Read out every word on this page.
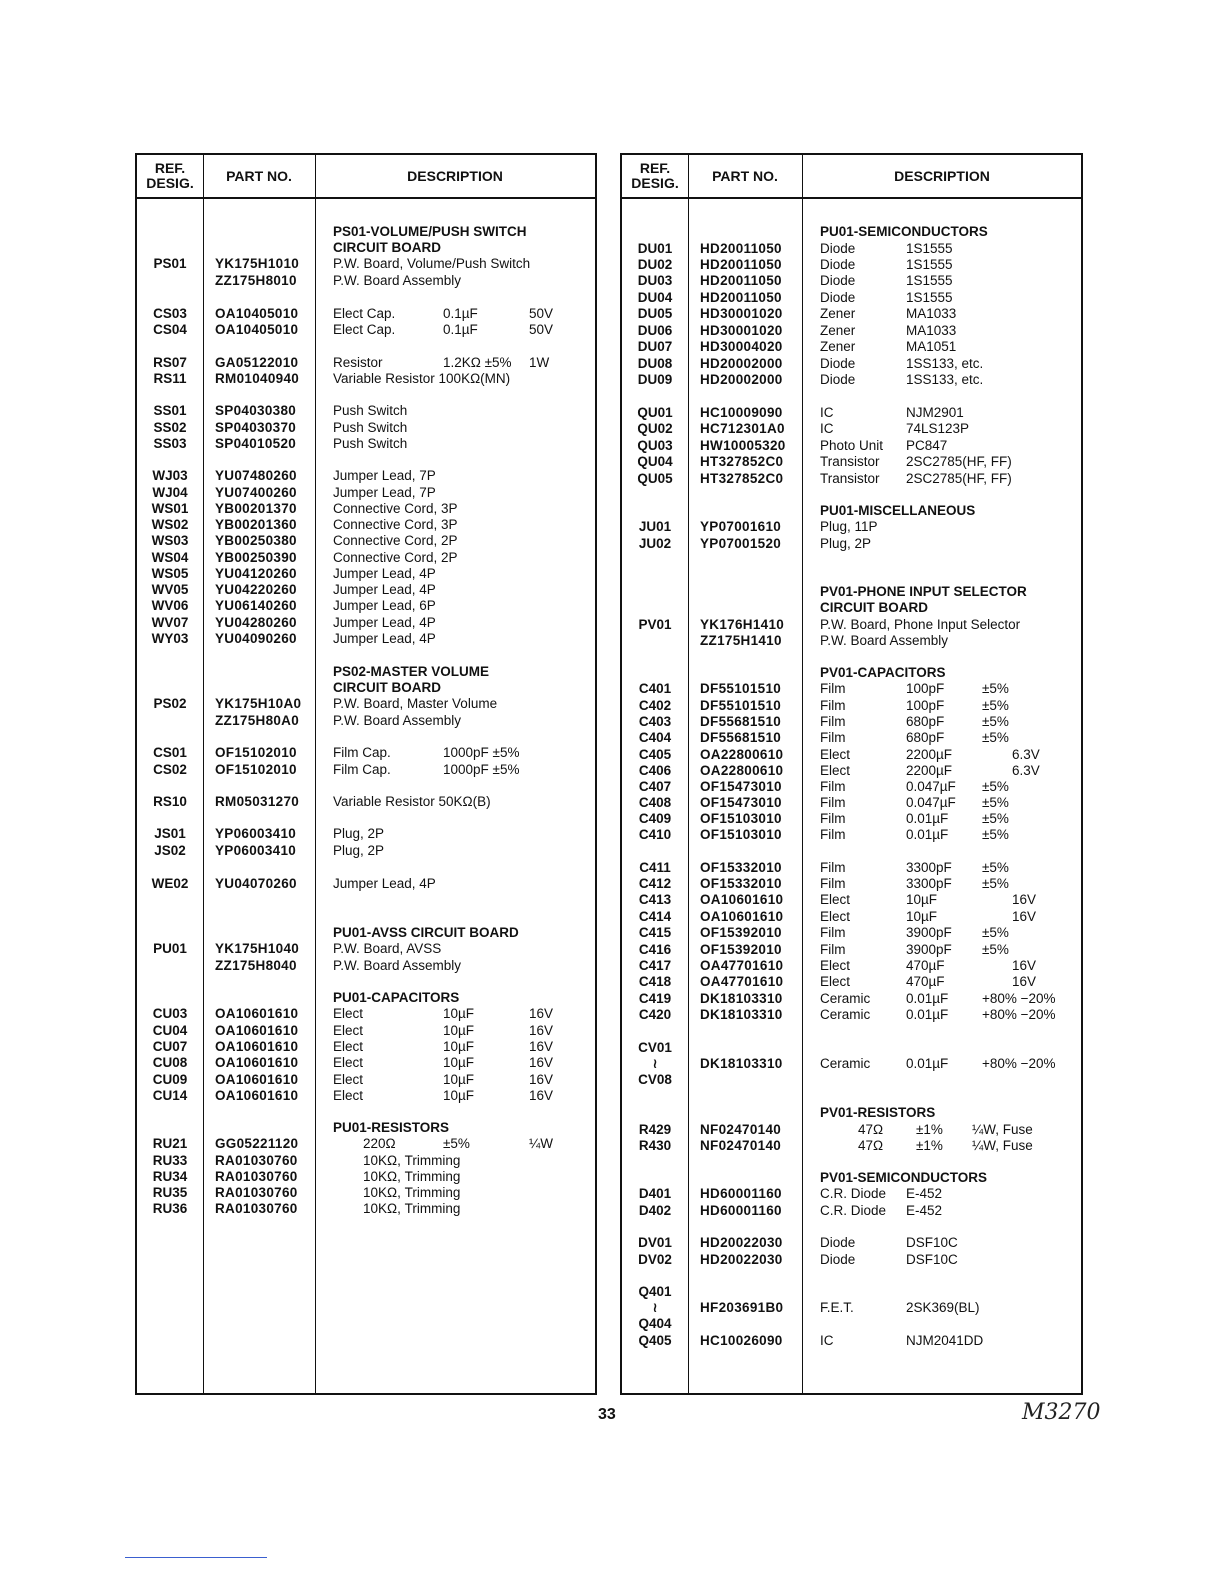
REF.
DESIG.	PART NO.	DESCRIPTION
PS01-VOLUME/PUSH SWITCH
CIRCUIT BOARD
PS01	YK175H1010	P.W. Board, Volume/Push Switch
ZZ175H8010	P.W. Board Assembly
CS03	OA10405010	Elect Cap.	0.1µF	50V
CS04	OA10405010	Elect Cap.	0.1µF	50V
RS07	GA05122010	Resistor	1.2KΩ ±5% 1W
RS11	RM01040940	Variable Resistor 100KΩ(MN)
SS01	SP04030380	Push Switch
SS02	SP04030370	Push Switch
SS03	SP04010520	Push Switch
WJ03	YU07480260	Jumper Lead, 7P
WJ04	YU07400260	Jumper Lead, 7P
WS01	YB00201370	Connective Cord, 3P
WS02	YB00201360	Connective Cord, 3P
WS03	YB00250380	Connective Cord, 2P
WS04	YB00250390	Connective Cord, 2P
WS05	YU04120260	Jumper Lead, 4P
WV05	YU04220260	Jumper Lead, 4P
WV06	YU06140260	Jumper Lead, 6P
WV07	YU04280260	Jumper Lead, 4P
WY03	YU04090260	Jumper Lead, 4P
PS02-MASTER VOLUME
CIRCUIT BOARD
PS02	YK175H10A0 P.W. Board, Master Volume
ZZ175H80A0	P.W. Board Assembly
CS01	OF15102010	Film Cap.	1000pF ±5%
CS02	OF15102010	Film Cap.	1000pF ±5%
RS10	RM05031270	Variable Resistor 50KΩ(B)
JS01	YP06003410	Plug, 2P
JS02	YP06003410	Plug, 2P
WE02	YU04070260	Jumper Lead, 4P
PU01-AVSS CIRCUIT BOARD
PU01	YK175H1040	P.W. Board, AVSS
ZZ175H8040	P.W. Board Assembly
PU01-CAPACITORS
CU03	OA10601610	Elect	10µF	16V
CU04	OA10601610	Elect	10µF	16V
CU07	OA10601610	Elect	10µF	16V
CU08	OA10601610	Elect	10µF	16V
CU09	OA10601610	Elect	10µF	16V
CU14	OA10601610	Elect	10µF	16V
PU01-RESISTORS
RU21	GG05221120	220Ω	±5%	¼W
RU33	RA01030760	10KΩ, Trimming
RU34	RA01030760	10KΩ, Trimming
RU35	RA01030760	10KΩ, Trimming
RU36	RA01030760	10KΩ, Trimming
REF.
DESIG.	PART NO.	DESCRIPTION
PU01-SEMICONDUCTORS
DU01	HD20011050	Diode	1S1555
DU02	HD20011050	Diode	1S1555
DU03	HD20011050	Diode	1S1555
DU04	HD20011050	Diode	1S1555
DU05	HD30001020	Zener	MA1033
DU06	HD30001020	Zener	MA1033
DU07	HD30004020	Zener	MA1051
DU08	HD20002000	Diode	1SS133, etc.
DU09	HD20002000	Diode	1SS133, etc.
QU01	HC10009090	IC	NJM2901
QU02	HC712301A0	IC	74LS123P
QU03	HW10005320	Photo Unit PC847
QU04	HT327852C0	Transistor 2SC2785(HF, FF)
QU05	HT327852C0	Transistor 2SC2785(HF, FF)
PU01-MISCELLANEOUS
JU01	YP07001610	Plug, 11P
JU02	YP07001520	Plug, 2P
PV01-PHONE INPUT SELECTOR
CIRCUIT BOARD
PV01	YK176H1410	P.W. Board, Phone Input Selector
ZZ175H1410	P.W. Board Assembly
PV01-CAPACITORS
C401	DF55101510	Film	100pF	±5%
C402	DF55101510	Film	100pF	±5%
C403	DF55681510	Film	680pF	±5%
C404	DF55681510	Film	680pF	±5%
C405	OA22800610	Elect	2200µF	6.3V
C406	OA22800610	Elect	2200µF	6.3V
C407	OF15473010	Film	0.047µF ±5%
C408	OF15473010	Film	0.047µF ±5%
C409	OF15103010	Film	0.01µF ±5%
C410	OF15103010	Film	0.01µF ±5%
C411	OF15332010	Film	3300pF ±5%
C412	OF15332010	Film	3300pF ±5%
C413	OA10601610	Elect	10µF	16V
C414	OA10601610	Elect	10µF	16V
C415	OF15392010	Film	3900pF ±5%
C416	OF15392010	Film	3900pF ±5%
C417	OA47701610	Elect	470µF	16V
C418	OA47701610	Elect	470µF	16V
C419	DK18103310	Ceramic	0.01µF +80% −20%
C420	DK18103310	Ceramic	0.01µF +80% −20%
CV01
≀	DK18103310	Ceramic	0.01µF +80% −20%
CV08
PV01-RESISTORS
R429	NF02470140	47Ω ±1% ¼W, Fuse
R430	NF02470140	47Ω ±1% ¼W, Fuse
PV01-SEMICONDUCTORS
D401	HD60001160	C.R. Diode E-452
D402	HD60001160	C.R. Diode E-452
DV01	HD20022030	Diode	DSF10C
DV02	HD20022030	Diode	DSF10C
Q401
≀	HF203691B0	F.E.T.	2SK369(BL)
Q404
Q405	HC10026090	IC	NJM2041DD
33	M3270
